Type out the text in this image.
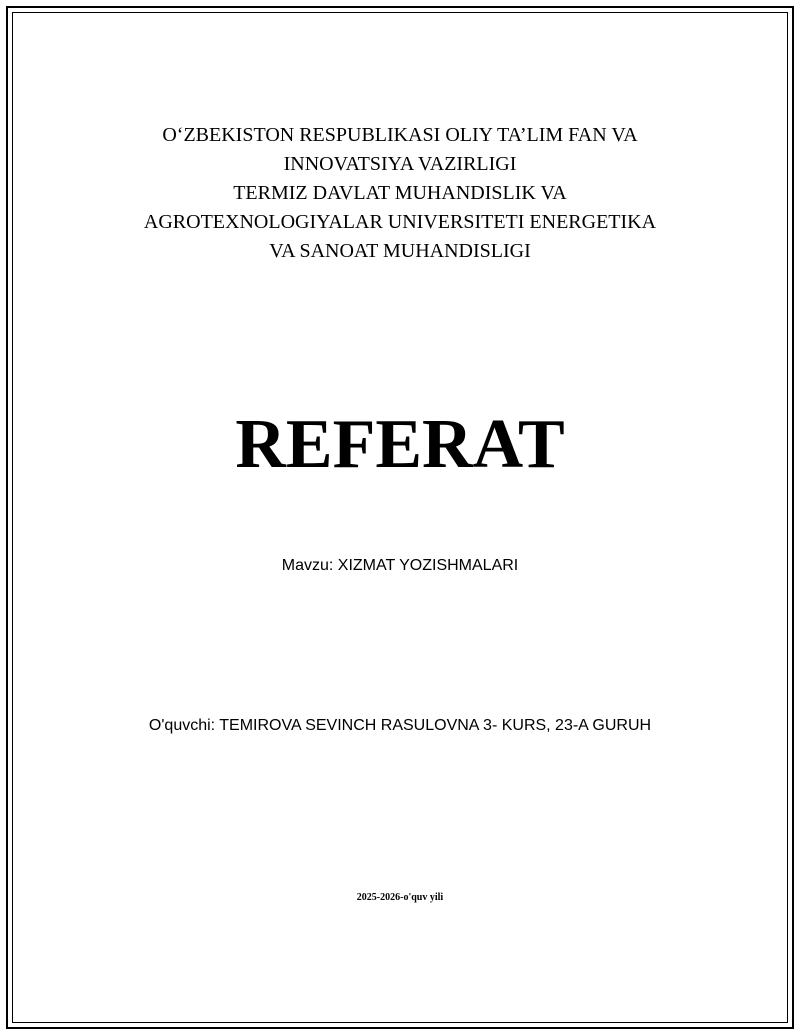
O‘ZBEKISTON RESPUBLIKASI OLIY TA’LIM FAN VA
INNOVATSIYA VAZIRLIGI
TERMIZ DAVLAT MUHANDISLIK VA
AGROTEXNOLOGIYALAR UNIVERSITETI ENERGETIKA
VA SANOAT MUHANDISLIGI
REFERAT
Mavzu: XIZMAT YOZISHMALARI
O'quvchi: TEMIROVA SEVINCH RASULOVNA 3- KURS, 23-A GURUH
2025-2026-o'quv yili
